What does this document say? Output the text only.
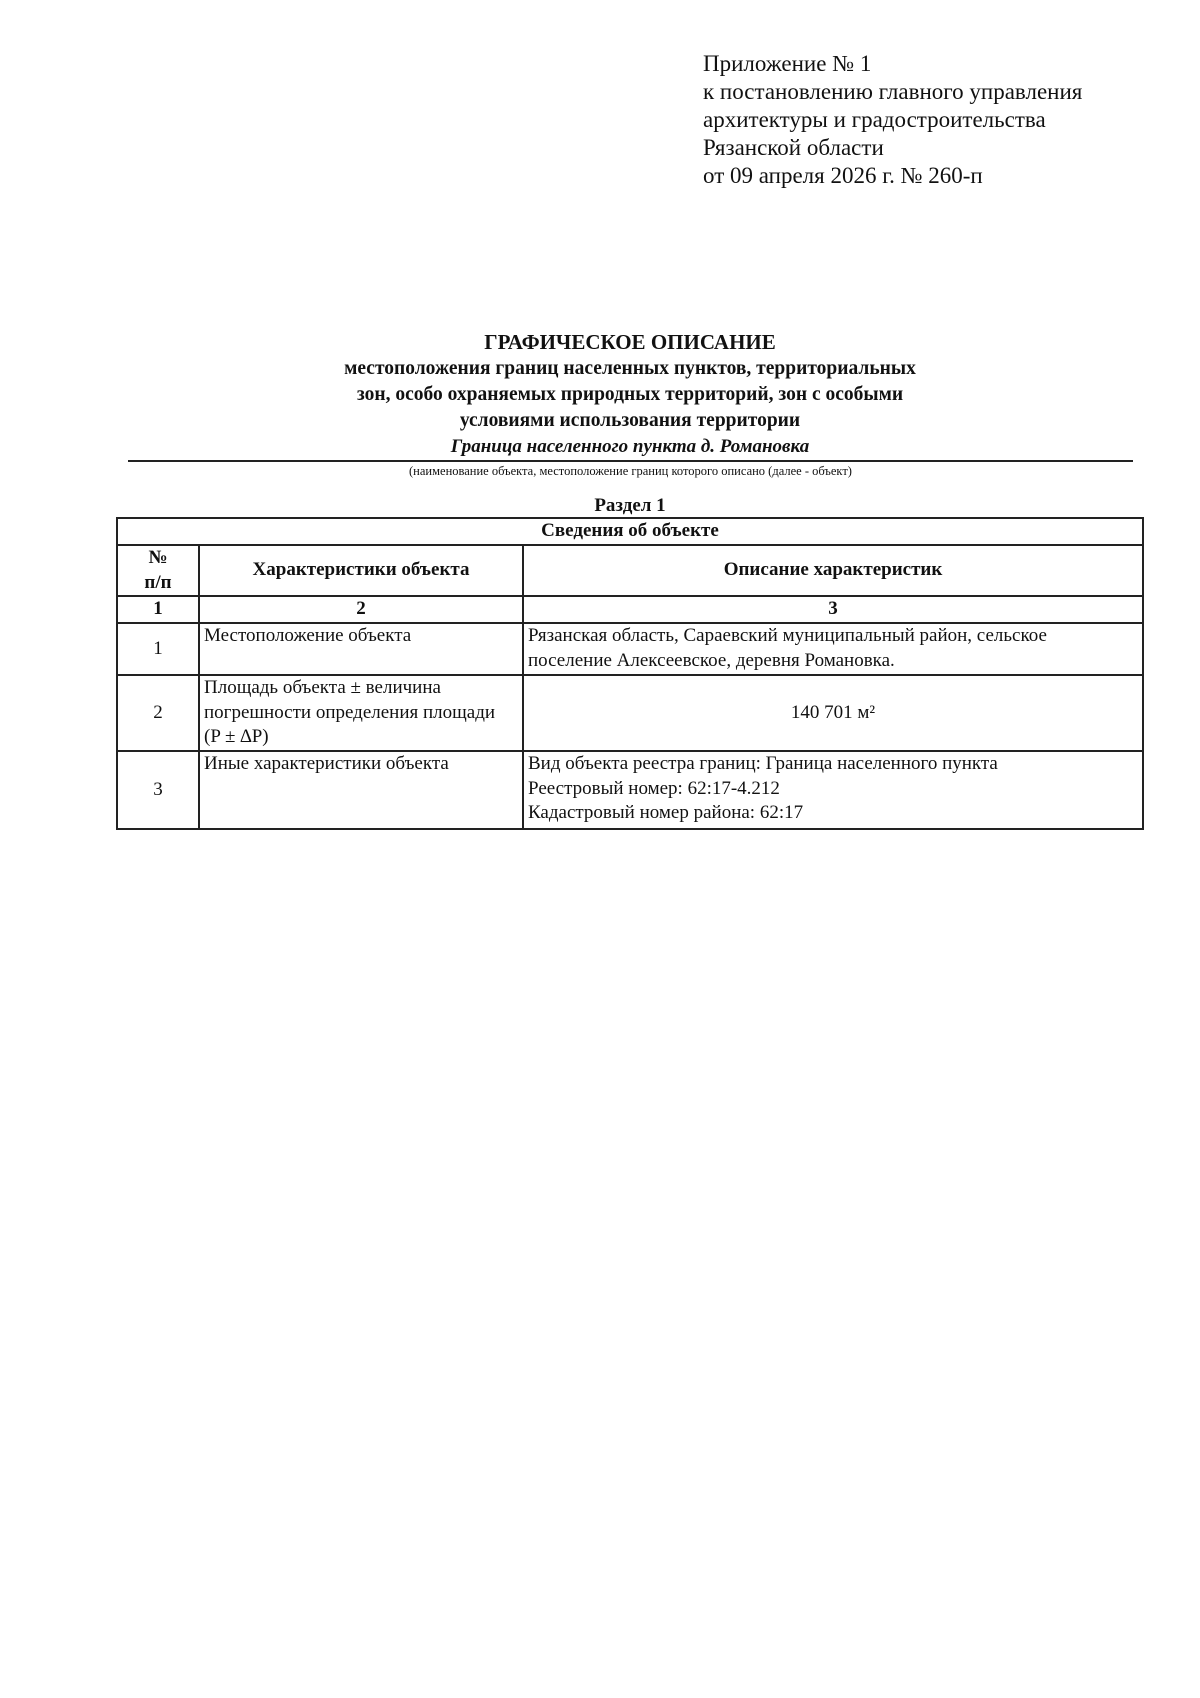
Приложение № 1
к постановлению главного управления
архитектуры и градостроительства
Рязанской области
от 09 апреля 2026 г. № 260-п
ГРАФИЧЕСКОЕ ОПИСАНИЕ
местоположения границ населенных пунктов, территориальных
зон, особо охраняемых природных территорий, зон с особыми
условиями использования территории
Граница населенного пункта д. Романовка
(наименование объекта, местоположение границ которого описано (далее - объект)
Раздел 1
Сведения об объекте		

№
п/п	Характеристики объекта	Описание характеристик
1	2	3
1	Местоположение объекта	Рязанская область, Сараевский муниципальный район, сельское
поселение Алексеевское, деревня Романовка.

2	Площадь объекта ± величина
погрешности определения площади
(P ± ∆P)	140 701 м²

3	Иные характеристики объекта	Вид объекта реестра границ: Граница населенного пункта
Реестровый номер: 62:17-4.212
Кадастровый номер района: 62:17
